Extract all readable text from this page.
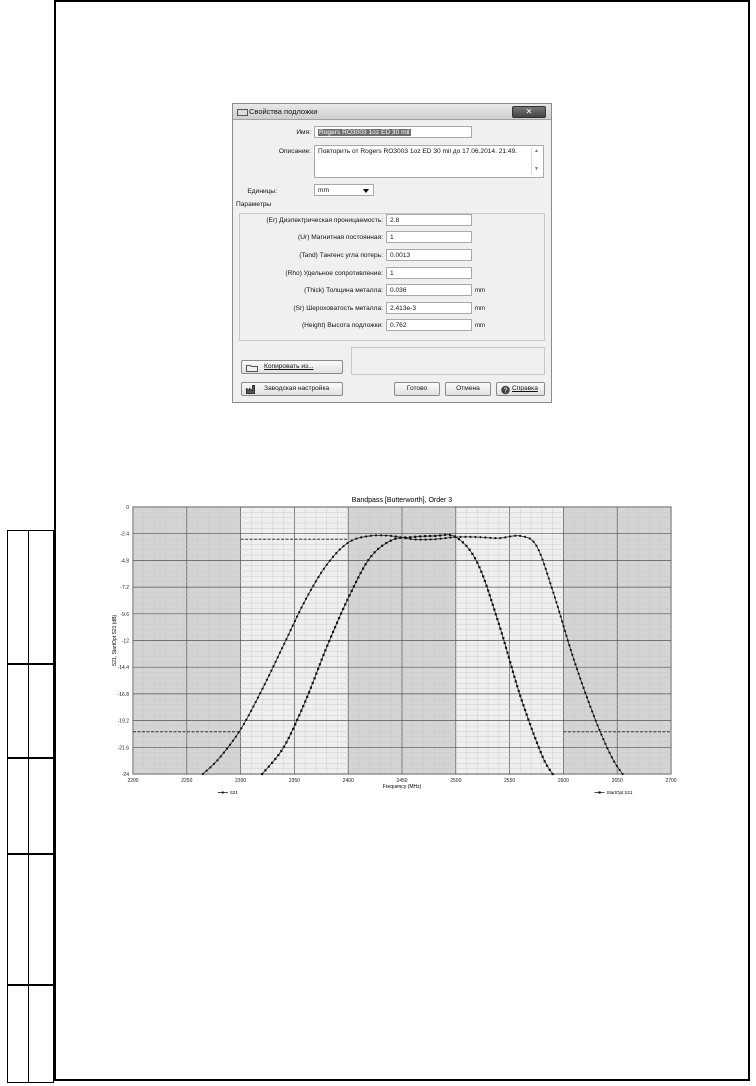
Свойства подложки	✕
Имя:	Rogers RO3003 1oz ED 30 mil
Описание:	Повторить от Rogers RO3003 1oz ED 30 mil до 17.06.2014. 21:49.	▲

▼
Единицы:	mm
Параметры
(Er) Диэлектрическая проницаемость:	2.8
(Ur) Магнитная постоянная:	1
(Tand) Тангенс угла потерь:	0.0013
(Rho) Удельное сопротивление:	1
(Thick) Толщина металла:	0.036	mm
(Sr) Шероховатость металла:	2.413e-3	mm
(Height) Высота подложки:	0.762	mm
Копировать из...
Заводская настройка	Готово	Отмена	? Справка
2200	2250	2300	2350	2400	2450	2500	2550	2600	2650	2700
0
-2.4
-4.8
-7.2
-9.6
-12
-14.4
-16.8
-19.2
-21.6
-24
Bandpass [Butterworth], Order 3
Frequency (MHz)
S21, StartOpt S21 (dB)
S21	StartOpt S21
